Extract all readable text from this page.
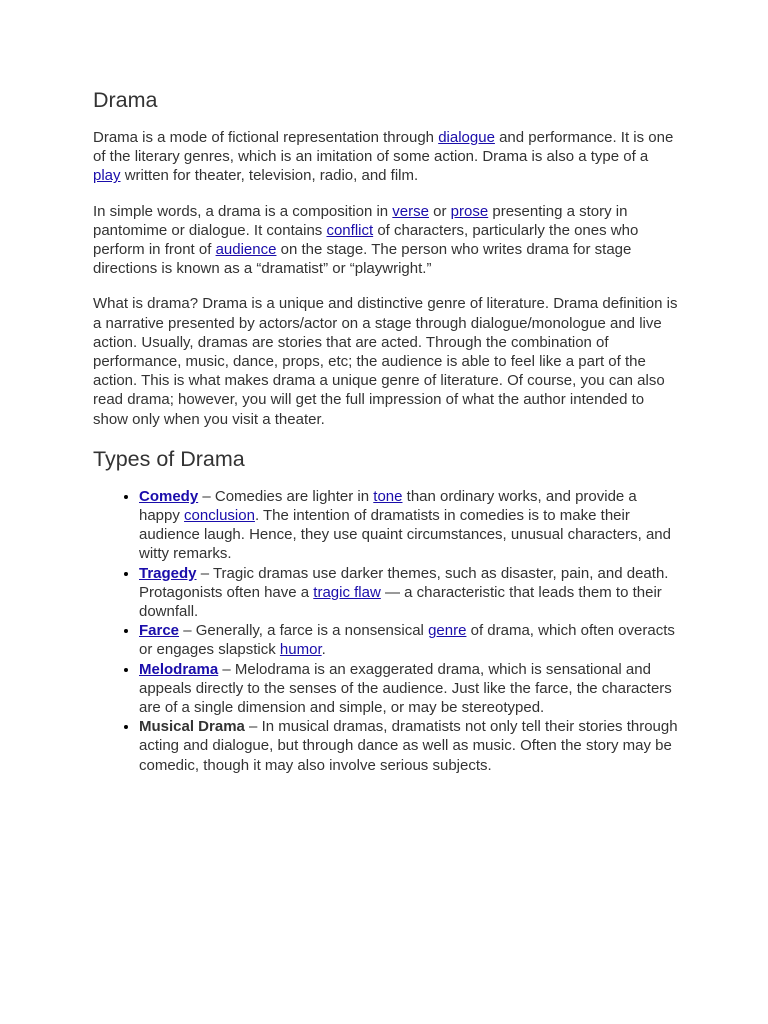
Drama

Drama is a mode of fictional representation through dialogue and performance. It is one of the literary genres, which is an imitation of some action. Drama is also a type of a play written for theater, television, radio, and film.

In simple words, a drama is a composition in verse or prose presenting a story in pantomime or dialogue. It contains conflict of characters, particularly the ones who perform in front of audience on the stage. The person who writes drama for stage directions is known as a “dramatist” or “playwright.”

What is drama? Drama is a unique and distinctive genre of literature. Drama definition is a narrative presented by actors/actor on a stage through dialogue/monologue and live action. Usually, dramas are stories that are acted. Through the combination of performance, music, dance, props, etc; the audience is able to feel like a part of the action. This is what makes drama a unique genre of literature. Of course, you can also read drama; however, you will get the full impression of what the author intended to show only when you visit a theater.

Types of Drama
• Comedy – Comedies are lighter in tone than ordinary works, and provide a happy conclusion. The intention of dramatists in comedies is to make their audience laugh. Hence, they use quaint circumstances, unusual characters, and witty remarks.
• Tragedy – Tragic dramas use darker themes, such as disaster, pain, and death. Protagonists often have a tragic flaw — a characteristic that leads them to their downfall.
• Farce – Generally, a farce is a nonsensical genre of drama, which often overacts or engages slapstick humor.
• Melodrama – Melodrama is an exaggerated drama, which is sensational and appeals directly to the senses of the audience. Just like the farce, the characters are of a single dimension and simple, or may be stereotyped.
• Musical Drama – In musical dramas, dramatists not only tell their stories through acting and dialogue, but through dance as well as music. Often the story may be comedic, though it may also involve serious subjects.
